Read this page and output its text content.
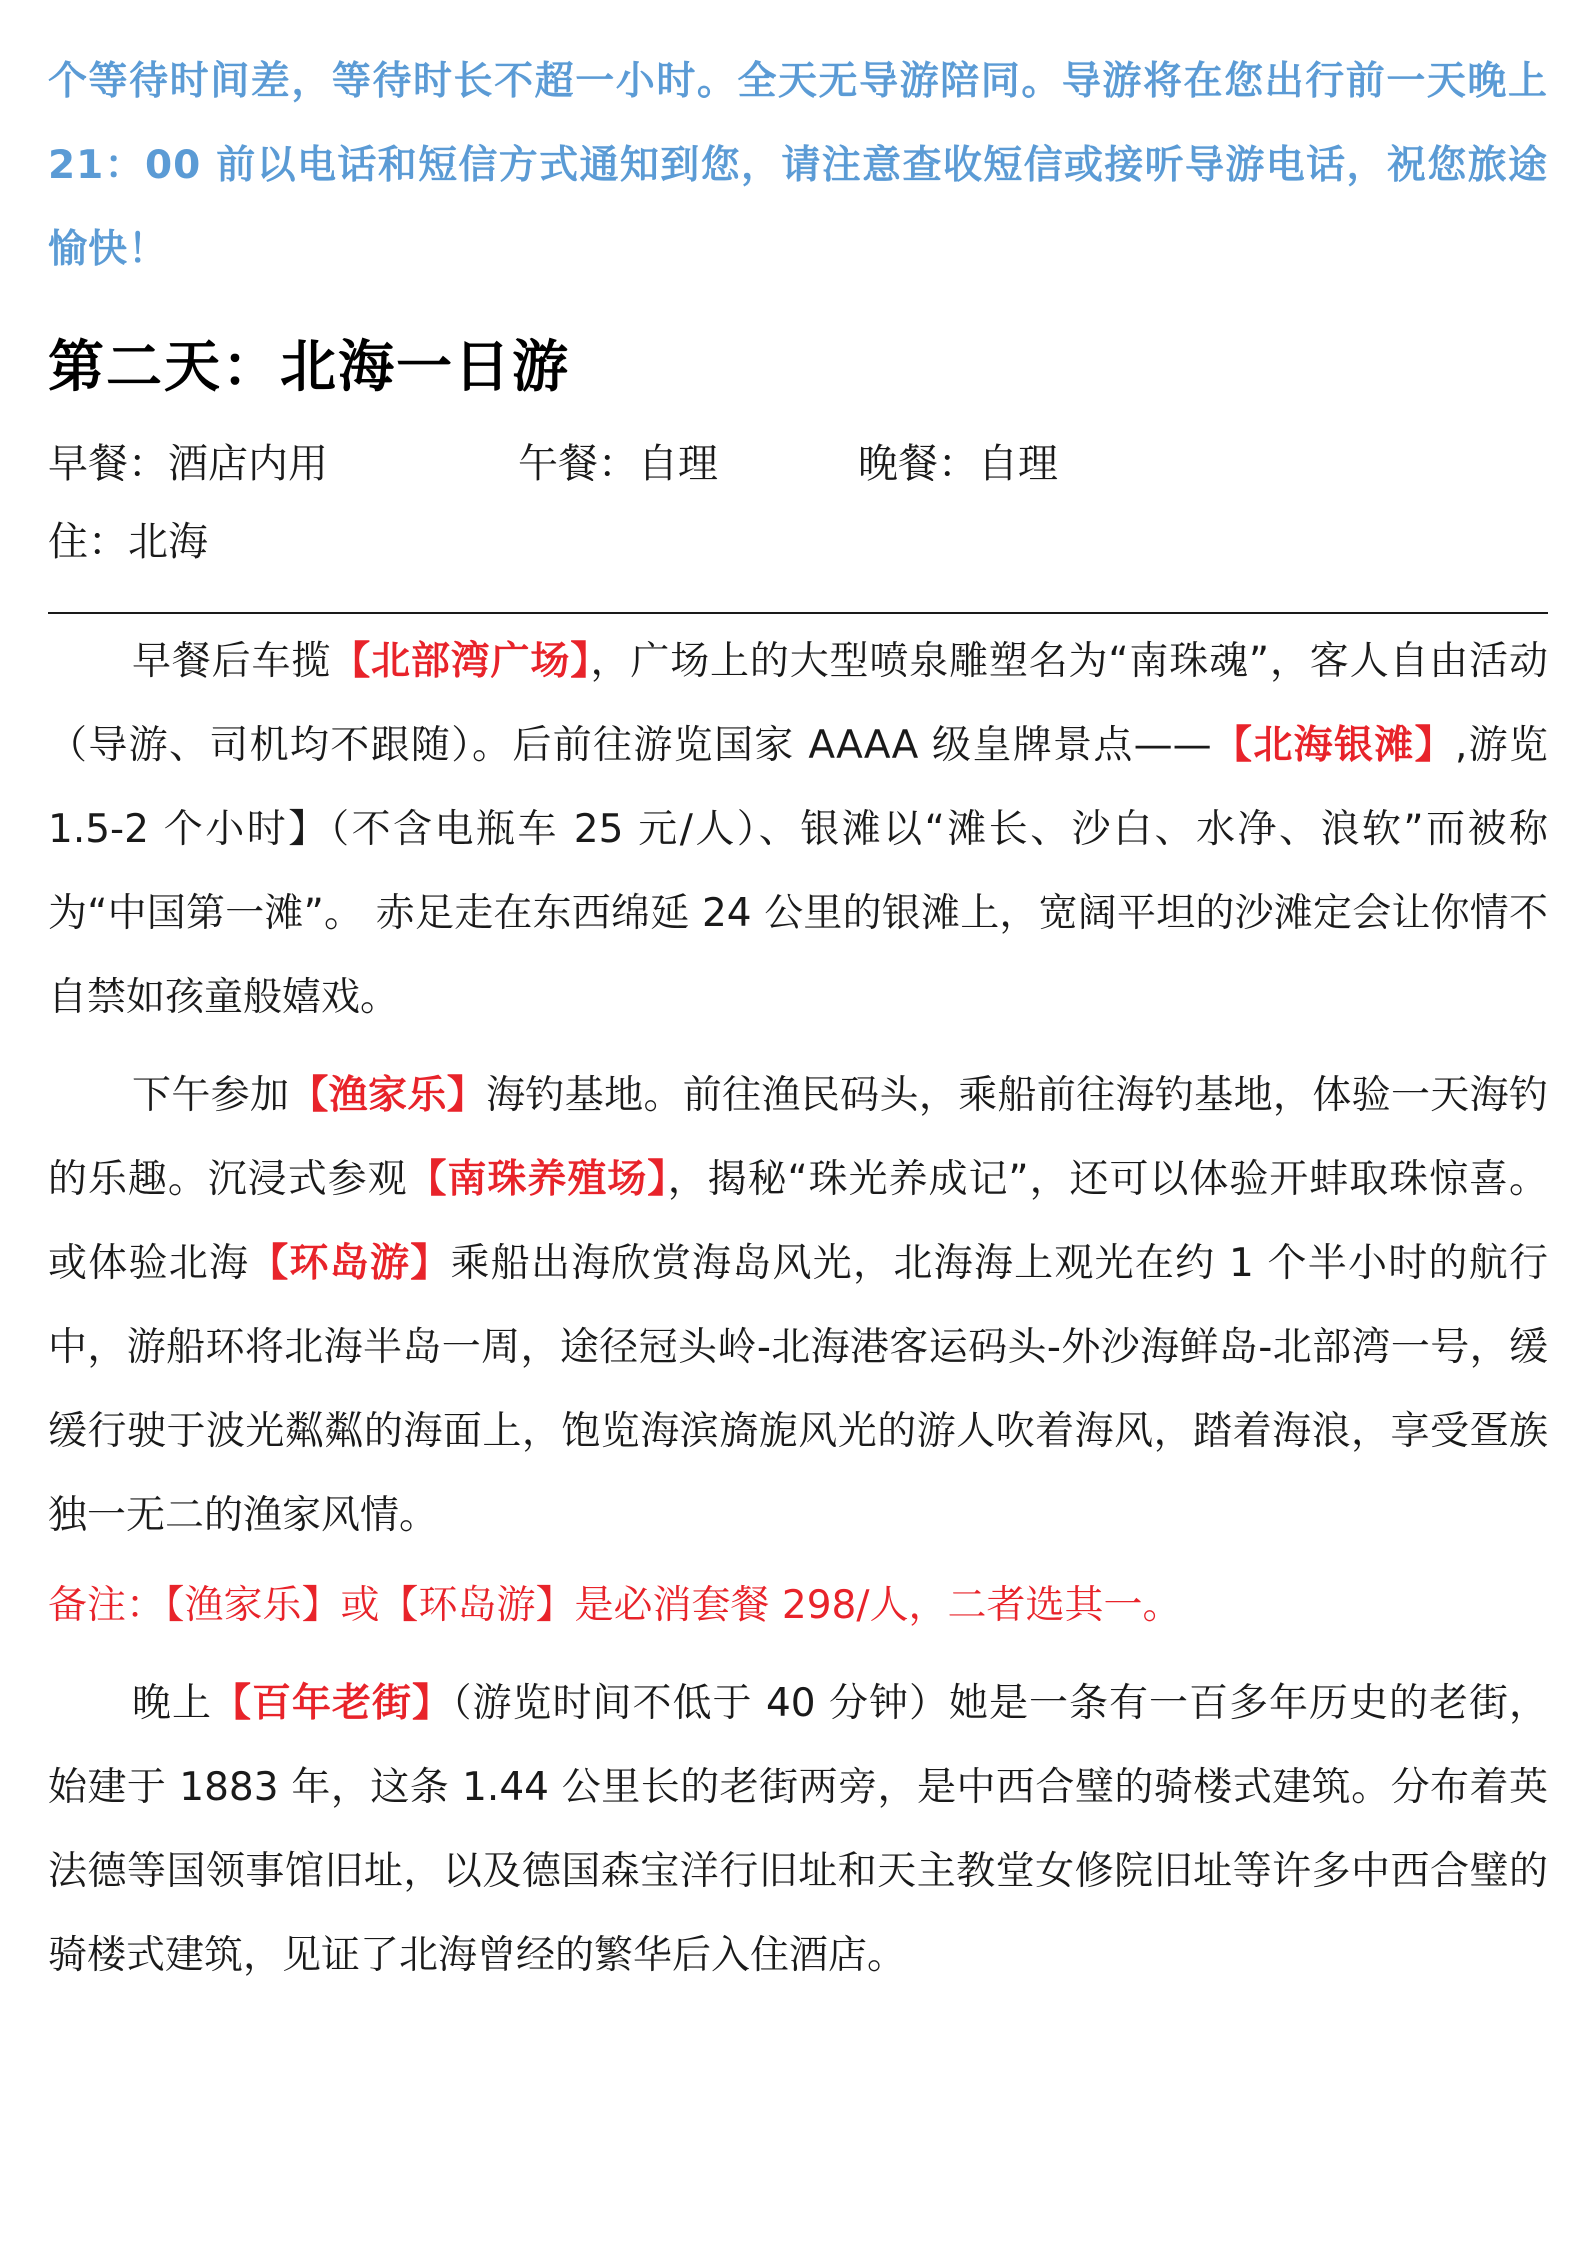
个等待时间差，等待时长不超一小时。全天无导游陪同。导游将在您出行前一天晚上 21：00 前以电话和短信方式通知到您，请注意查收短信或接听导游电话，祝您旅途愉快！

第二天：北海一日游
早餐：酒店内用	午餐：自理	晚餐：自理
住：北海

早餐后车揽【北部湾广场】，广场上的大型喷泉雕塑名为“南珠魂”，客人自由活动（导游、司机均不跟随）。后前往游览国家 AAAA 级皇牌景点——【北海银滩】,游览 1.5-2 个小时】（不含电瓶车 25 元/人）、银滩以“滩长、沙白、水净、浪软”而被称为“中国第一滩”。 赤足走在东西绵延 24 公里的银滩上，宽阔平坦的沙滩定会让你情不自禁如孩童般嬉戏。

下午参加【渔家乐】海钓基地。前往渔民码头，乘船前往海钓基地，体验一天海钓的乐趣。沉浸式参观【南珠养殖场】，揭秘“珠光养成记”，还可以体验开蚌取珠惊喜。或体验北海【环岛游】乘船出海欣赏海岛风光，北海海上观光在约 1 个半小时的航行中，游船环将北海半岛一周，途径冠头岭-北海港客运码头-外沙海鲜岛-北部湾一号，缓缓行驶于波光粼粼的海面上，饱览海滨旖旎风光的游人吹着海风，踏着海浪，享受疍族独一无二的渔家风情。

备注：【渔家乐】或【环岛游】是必消套餐 298/人，二者选其一。

晚上【百年老街】（游览时间不低于 40 分钟）她是一条有一百多年历史的老街，始建于 1883 年，这条 1.44 公里长的老街两旁，是中西合璧的骑楼式建筑。分布着英法德等国领事馆旧址，以及德国森宝洋行旧址和天主教堂女修院旧址等许多中西合璧的骑楼式建筑，见证了北海曾经的繁华后入住酒店。
